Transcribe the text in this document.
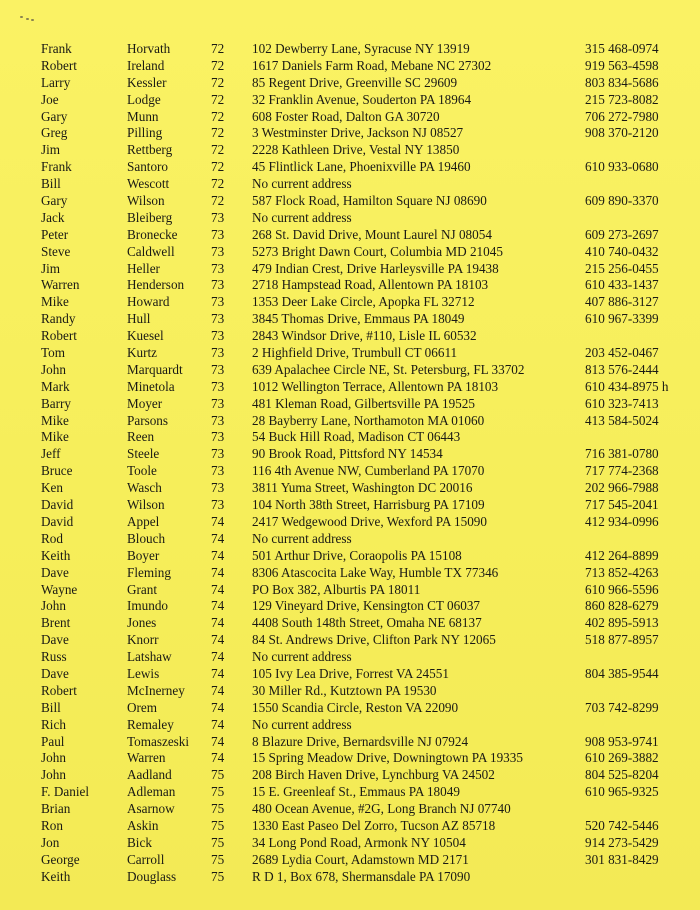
Frank	Horvath	72 102 Dewberry Lane, Syracuse NY 13919	315 468-0974
Robert	Ireland	72 1617 Daniels Farm Road, Mebane NC 27302	919 563-4598
Larry	Kessler	72 85 Regent Drive, Greenville SC 29609	803 834-5686
Joe	Lodge	72 32 Franklin Avenue, Souderton PA 18964	215 723-8082
Gary	Munn	72 608 Foster Road, Dalton GA 30720	706 272-7980
Greg	Pilling	72 3 Westminster Drive, Jackson NJ 08527	908 370-2120
Jim	Rettberg	72 2228 Kathleen Drive, Vestal NY 13850
Frank	Santoro	72 45 Flintlick Lane, Phoenixville PA 19460	610 933-0680
Bill	Wescott	72 No current address
Gary	Wilson	72 587 Flock Road, Hamilton Square NJ 08690	609 890-3370
Jack	Bleiberg	73 No current address
Peter	Bronecke	73 268 St. David Drive, Mount Laurel NJ 08054	609 273-2697
Steve	Caldwell	73 5273 Bright Dawn Court, Columbia MD 21045	410 740-0432
Jim	Heller	73 479 Indian Crest, Drive Harleysville PA 19438	215 256-0455
Warren	Henderson 73 2718 Hampstead Road, Allentown PA 18103	610 433-1437
Mike	Howard	73 1353 Deer Lake Circle, Apopka FL 32712	407 886-3127
Randy	Hull	73 3845 Thomas Drive, Emmaus PA 18049	610 967-3399
Robert	Kuesel	73 2843 Windsor Drive, #110, Lisle IL 60532
Tom	Kurtz	73 2 Highfield Drive, Trumbull CT 06611	203 452-0467
John	Marquardt 73 639 Apalachee Circle NE, St. Petersburg, FL 33702	813 576-2444
Mark	Minetola	73 1012 Wellington Terrace, Allentown PA 18103	610 434-8975 h
Barry	Moyer	73 481 Kleman Road, Gilbertsville PA 19525	610 323-7413
Mike	Parsons	73 28 Bayberry Lane, Northamoton MA 01060	413 584-5024
Mike	Reen	73 54 Buck Hill Road, Madison CT 06443
Jeff	Steele	73 90 Brook Road, Pittsford NY 14534	716 381-0780
Bruce	Toole	73 116 4th Avenue NW, Cumberland PA 17070	717 774-2368
Ken	Wasch	73 3811 Yuma Street, Washington DC 20016	202 966-7988
David	Wilson	73 104 North 38th Street, Harrisburg PA 17109	717 545-2041
David	Appel	74 2417 Wedgewood Drive, Wexford PA 15090	412 934-0996
Rod	Blouch	74 No current address
Keith	Boyer	74 501 Arthur Drive, Coraopolis PA 15108	412 264-8899
Dave	Fleming	74 8306 Atascocita Lake Way, Humble TX 77346	713 852-4263
Wayne	Grant	74 PO Box 382, Alburtis PA 18011	610 966-5596
John	Imundo	74 129 Vineyard Drive, Kensington CT 06037	860 828-6279
Brent	Jones	74 4408 South 148th Street, Omaha NE 68137	402 895-5913
Dave	Knorr	74 84 St. Andrews Drive, Clifton Park NY 12065	518 877-8957
Russ	Latshaw	74 No current address
Dave	Lewis	74 105 Ivy Lea Drive, Forrest VA 24551	804 385-9544
Robert	McInerney 74 30 Miller Rd., Kutztown PA 19530
Bill	Orem	74 1550 Scandia Circle, Reston VA 22090	703 742-8299
Rich	Remaley	74 No current address
Paul	Tomaszeski 74 8 Blazure Drive, Bernardsville NJ 07924	908 953-9741
John	Warren	74 15 Spring Meadow Drive, Downingtown PA 19335	610 269-3882
John	Aadland	75 208 Birch Haven Drive, Lynchburg VA 24502	804 525-8204
F. Daniel	Adleman	75 15 E. Greenleaf St., Emmaus PA 18049	610 965-9325
Brian	Asarnow	75 480 Ocean Avenue, #2G, Long Branch NJ 07740
Ron	Askin	75 1330 East Paseo Del Zorro, Tucson AZ 85718	520 742-5446
Jon	Bick	75 34 Long Pond Road, Armonk NY 10504	914 273-5429
George	Carroll	75 2689 Lydia Court, Adamstown MD 2171	301 831-8429
Keith	Douglass	75 R D 1, Box 678, Shermansdale PA 17090
